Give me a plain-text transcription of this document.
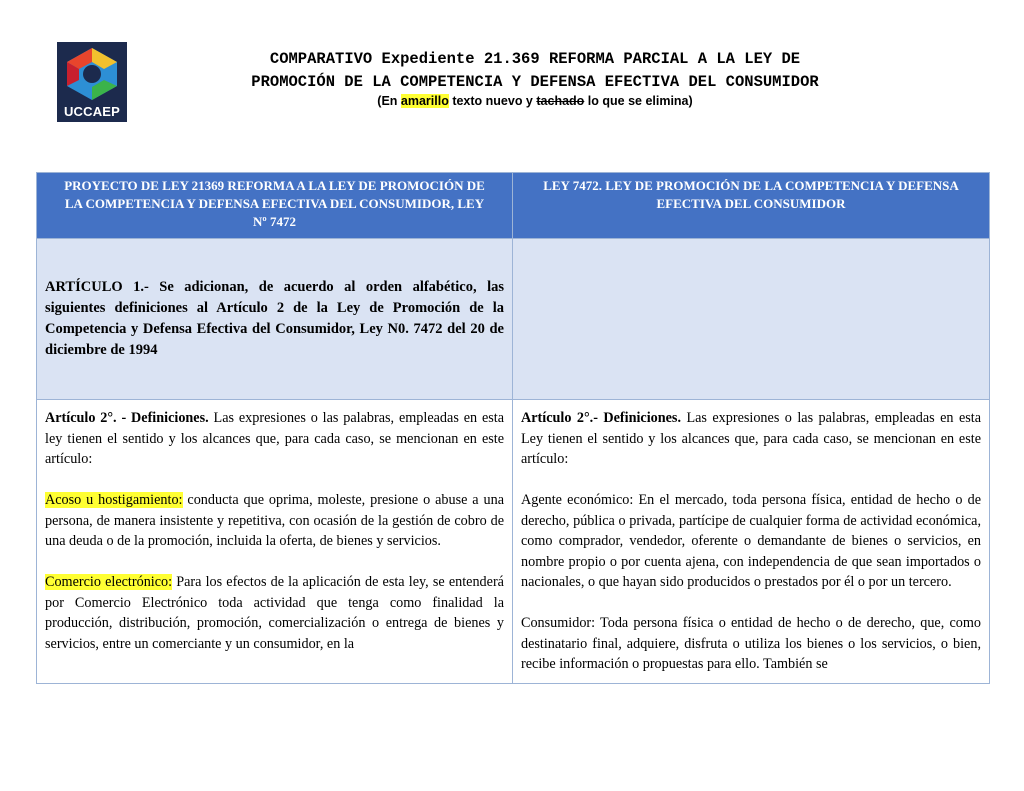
UCCAEP
COMPARATIVO Expediente 21.369 REFORMA PARCIAL A LA LEY DE
PROMOCIÓN DE LA COMPETENCIA Y DEFENSA EFECTIVA DEL CONSUMIDOR
(En amarillo texto nuevo y tachado lo que se elimina)
PROYECTO DE LEY 21369 REFORMA A LA LEY DE PROMOCIÓN DE LA COMPETENCIA Y DEFENSA EFECTIVA DEL CONSUMIDOR, LEY Nº 7472
LEY 7472. LEY DE PROMOCIÓN DE LA COMPETENCIA Y DEFENSA EFECTIVA DEL CONSUMIDOR
ARTÍCULO 1.- Se adicionan, de acuerdo al orden alfabético, las siguientes definiciones al Artículo 2 de la Ley de Promoción de la Competencia y Defensa Efectiva del Consumidor, Ley N0. 7472 del 20 de diciembre de 1994

Artículo 2°. - Definiciones. Las expresiones o las palabras, empleadas en esta ley tienen el sentido y los alcances que, para cada caso, se mencionan en este artículo:

Acoso u hostigamiento: conducta que oprima, moleste, presione o abuse a una persona, de manera insistente y repetitiva, con ocasión de la gestión de cobro de una deuda o de la promoción, incluida la oferta, de bienes y servicios.

Comercio electrónico: Para los efectos de la aplicación de esta ley, se entenderá por Comercio Electrónico toda actividad que tenga como finalidad la producción, distribución, promoción, comercialización o entrega de bienes y servicios, entre un comerciante y un consumidor, en la

Artículo 2°.- Definiciones. Las expresiones o las palabras, empleadas en esta Ley tienen el sentido y los alcances que, para cada caso, se mencionan en este artículo:

Agente económico: En el mercado, toda persona física, entidad de hecho o de derecho, pública o privada, partícipe de cualquier forma de actividad económica, como comprador, vendedor, oferente o demandante de bienes o servicios, en nombre propio o por cuenta ajena, con independencia de que sean importados o nacionales, o que hayan sido producidos o prestados por él o por un tercero.

Consumidor: Toda persona física o entidad de hecho o de derecho, que, como destinatario final, adquiere, disfruta o utiliza los bienes o los servicios, o bien, recibe información o propuestas para ello. También se
